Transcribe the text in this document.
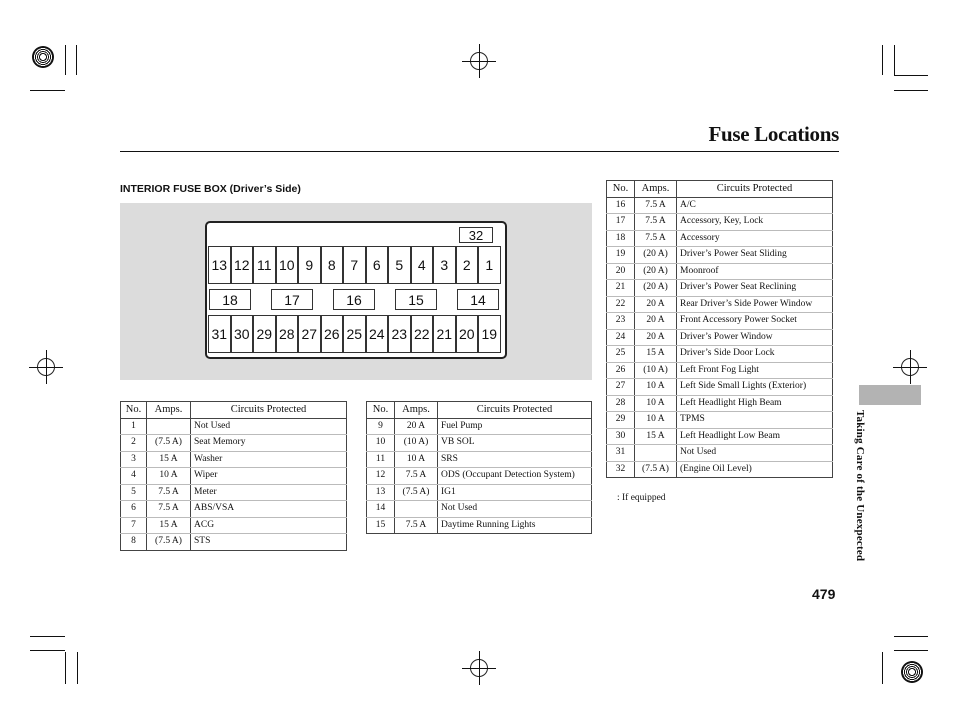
Fuse Locations
INTERIOR FUSE BOX (Driver’s Side)
32
13 12 11 10 9	8	7	6	5	4	3	2	1
18	17	16	15	14
31 30 29 28 27 26 25 24 23 22 21 20 19
No.	Amps.	Circuits Protected
1		Not Used
2	(7.5 A)	Seat Memory
3	15 A	Washer
4	10 A	Wiper
5	7.5 A	Meter
6	7.5 A	ABS/VSA
7	15 A	ACG
8	(7.5 A)	STS
No.	Amps.	Circuits Protected
9	20 A	Fuel Pump
10	(10 A)	VB SOL
11	10 A	SRS
12	7.5 A	ODS (Occupant Detection System)
13	(7.5 A)	IG1
14		Not Used
15	7.5 A	Daytime Running Lights
No.	Amps.	Circuits Protected
16	7.5 A	A/C
17	7.5 A	Accessory, Key, Lock
18	7.5 A	Accessory
19	(20 A)	Driver’s Power Seat Sliding
20	(20 A)	Moonroof
21	(20 A)	Driver’s Power Seat Reclining
22	20 A	Rear Driver’s Side Power Window
23	20 A	Front Accessory Power Socket
24	20 A	Driver’s Power Window
25	15 A	Driver’s Side Door Lock
26	(10 A)	Left Front Fog Light
27	10 A	Left Side Small Lights (Exterior)
28	10 A	Left Headlight High Beam
29	10 A	TPMS
30	15 A	Left Headlight Low Beam
31		Not Used
32	(7.5 A)	(Engine Oil Level)
: If equipped	Taking Care of the Unexpected
479
